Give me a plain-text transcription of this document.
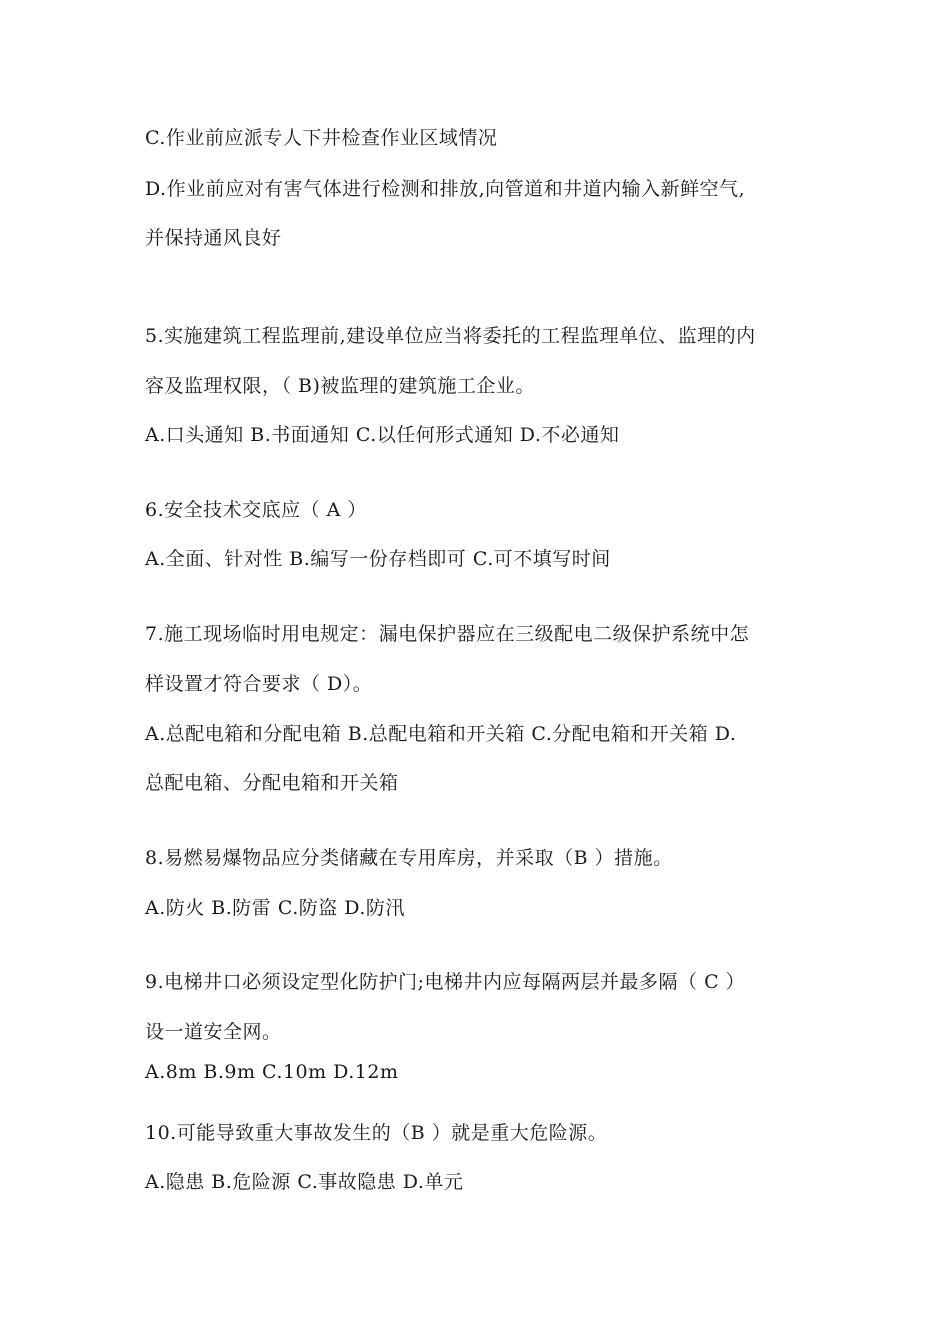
C.作业前应派专人下井检查作业区域情况
D.作业前应对有害气体进行检测和排放,向管道和井道内输入新鲜空气,
并保持通风良好
5.实施建筑工程监理前,建设单位应当将委托的工程监理单位、监理的内
容及监理权限，（ B)被监理的建筑施工企业。
A.口头通知 B.书面通知 C.以任何形式通知 D.不必通知
6.安全技术交底应（ A ）
A.全面、针对性 B.编写一份存档即可 C.可不填写时间
7.施工现场临时用电规定：漏电保护器应在三级配电二级保护系统中怎
样设置才符合要求（ D）。
A.总配电箱和分配电箱 B.总配电箱和开关箱 C.分配电箱和开关箱 D.
总配电箱、分配电箱和开关箱
8.易燃易爆物品应分类储藏在专用库房，并采取（B ）措施。
A.防火 B.防雷 C.防盗 D.防汛
9.电梯井口必须设定型化防护门;电梯井内应每隔两层并最多隔（ C ）
设一道安全网。
A.8m B.9m C.10m D.12m
10.可能导致重大事故发生的（B ）就是重大危险源。
A.隐患 B.危险源 C.事故隐患 D.单元
